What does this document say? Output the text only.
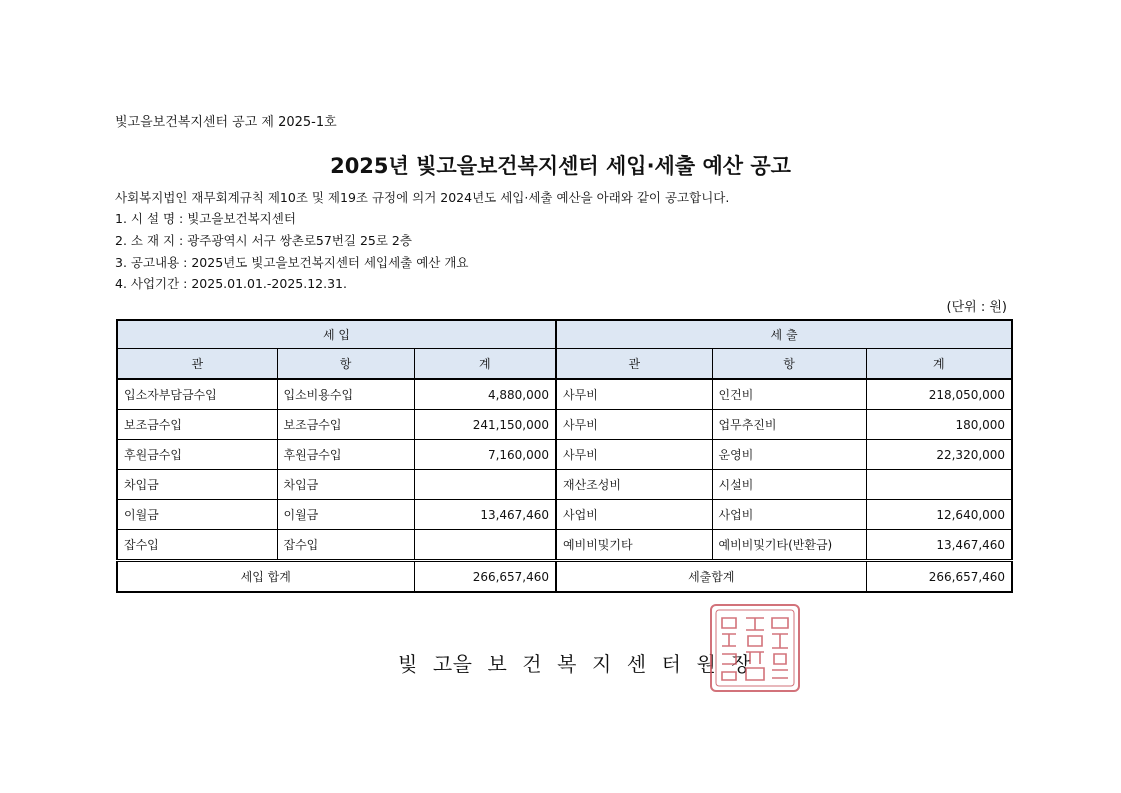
빛고을보건복지센터 공고 제 2025-1호
2025년 빛고을보건복지센터 세입·세출 예산 공고
사회복지법인 재무회계규칙 제10조 및 제19조 규정에 의거 2024년도 세입·세출 예산을 아래와 같이 공고합니다.
1. 시 설 명 : 빛고을보건복지센터
2. 소 재 지 : 광주광역시 서구 쌍촌로57번길 25로 2층
3. 공고내용 : 2025년도 빛고을보건복지센터 세입세출 예산 개요
4. 사업기간 : 2025.01.01.-2025.12.31.
(단위 : 원)
세 입			세 출		
관	항	계	관	항	계
입소자부담금수입	입소비용수입	4,880,000	사무비	인건비	218,050,000
보조금수입	보조금수입	241,150,000	사무비	업무추진비	180,000
후원금수입	후원금수입	7,160,000	사무비	운영비	22,320,000
차입금	차입금		재산조성비	시설비	
이월금	이월금	13,467,460	사업비	사업비	12,640,000
잡수입	잡수입		예비비및기타	예비비및기타(반환금)	13,467,460
세입 합계		266,657,460	세출합계		266,657,460
빛 고을 보 건 복 지 센 터 원 장
